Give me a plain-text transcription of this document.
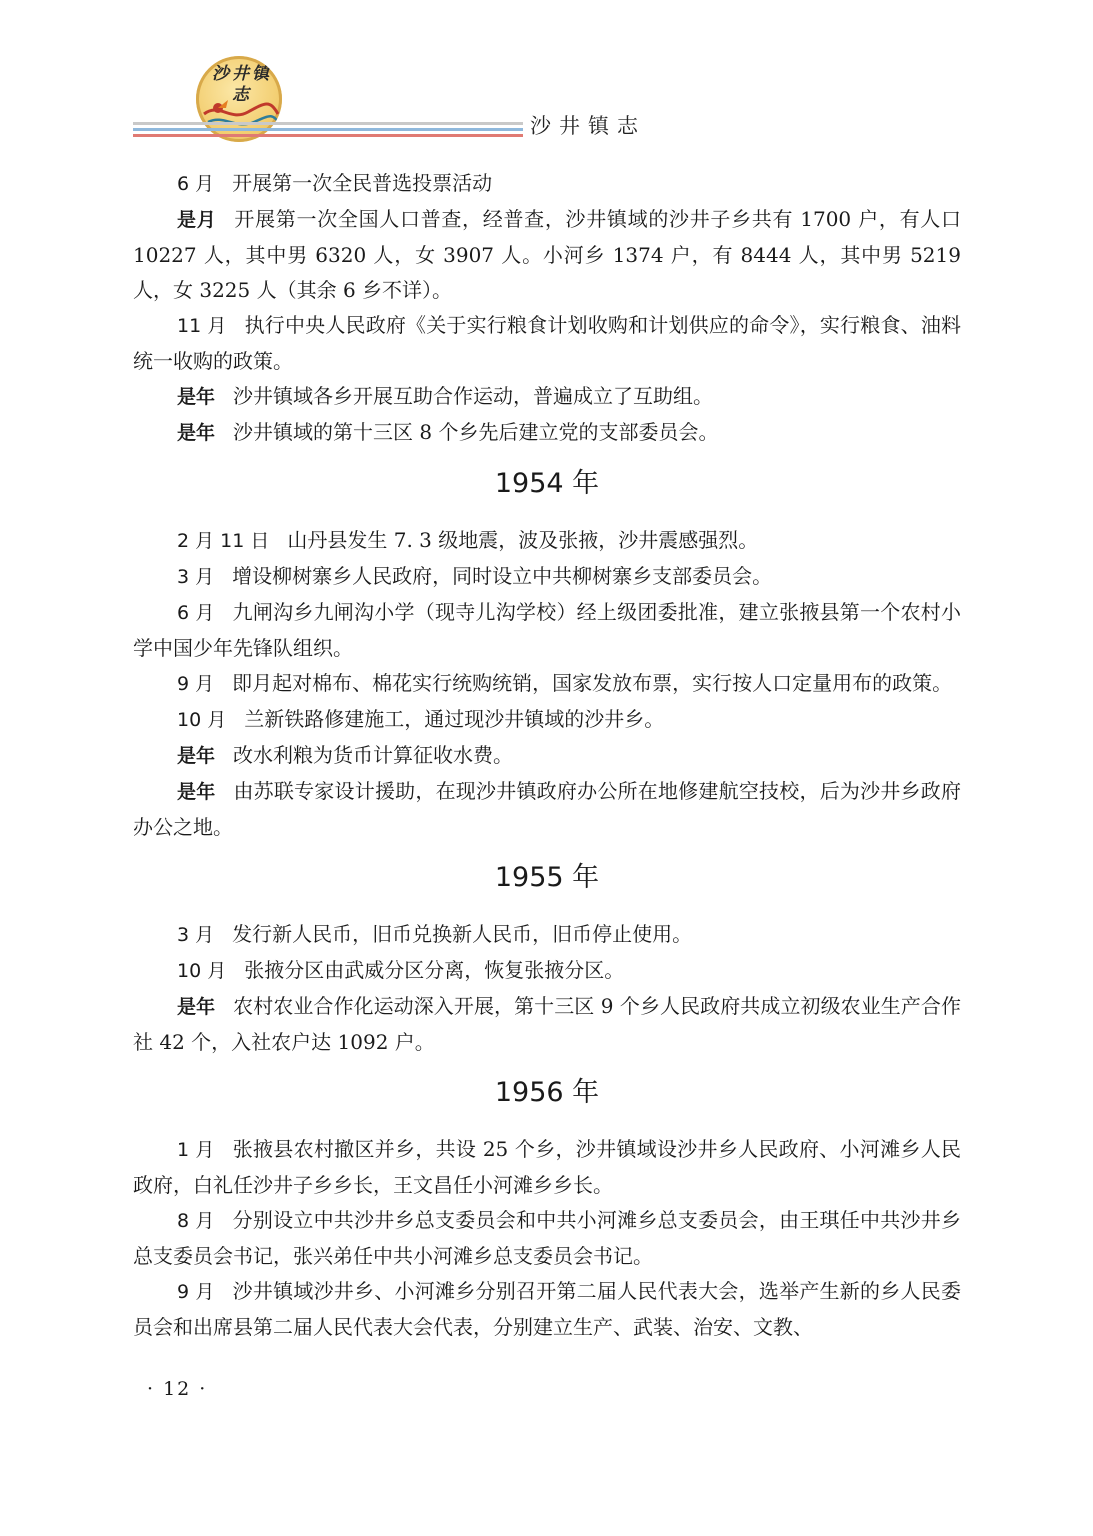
沙井镇志
沙井镇志

6 月 开展第一次全民普选投票活动

是月 开展第一次全国人口普查，经普查，沙井镇域的沙井子乡共有 1700 户，有人口 10227 人，其中男 6320 人，女 3907 人。小河乡 1374 户，有 8444 人，其中男 5219 人，女 3225 人（其余 6 乡不详）。

11 月 执行中央人民政府《关于实行粮食计划收购和计划供应的命令》，实行粮食、油料统一收购的政策。

是年 沙井镇域各乡开展互助合作运动，普遍成立了互助组。

是年 沙井镇域的第十三区 8 个乡先后建立党的支部委员会。

1954 年

2 月 11 日 山丹县发生 7. 3 级地震，波及张掖，沙井震感强烈。

3 月 增设柳树寨乡人民政府，同时设立中共柳树寨乡支部委员会。

6 月 九闸沟乡九闸沟小学（现寺儿沟学校）经上级团委批准，建立张掖县第一个农村小学中国少年先锋队组织。

9 月 即月起对棉布、棉花实行统购统销，国家发放布票，实行按人口定量用布的政策。

10 月 兰新铁路修建施工，通过现沙井镇域的沙井乡。

是年 改水利粮为货币计算征收水费。

是年 由苏联专家设计援助，在现沙井镇政府办公所在地修建航空技校，后为沙井乡政府办公之地。

1955 年

3 月 发行新人民币，旧币兑换新人民币，旧币停止使用。

10 月 张掖分区由武威分区分离，恢复张掖分区。

是年 农村农业合作化运动深入开展，第十三区 9 个乡人民政府共成立初级农业生产合作社 42 个，入社农户达 1092 户。

1956 年

1 月 张掖县农村撤区并乡，共设 25 个乡，沙井镇域设沙井乡人民政府、小河滩乡人民政府，白礼任沙井子乡乡长，王文昌任小河滩乡乡长。

8 月 分别设立中共沙井乡总支委员会和中共小河滩乡总支委员会，由王琪任中共沙井乡总支委员会书记，张兴弟任中共小河滩乡总支委员会书记。

9 月 沙井镇域沙井乡、小河滩乡分别召开第二届人民代表大会，选举产生新的乡人民委员会和出席县第二届人民代表大会代表，分别建立生产、武装、治安、文教、

· 12 ·
